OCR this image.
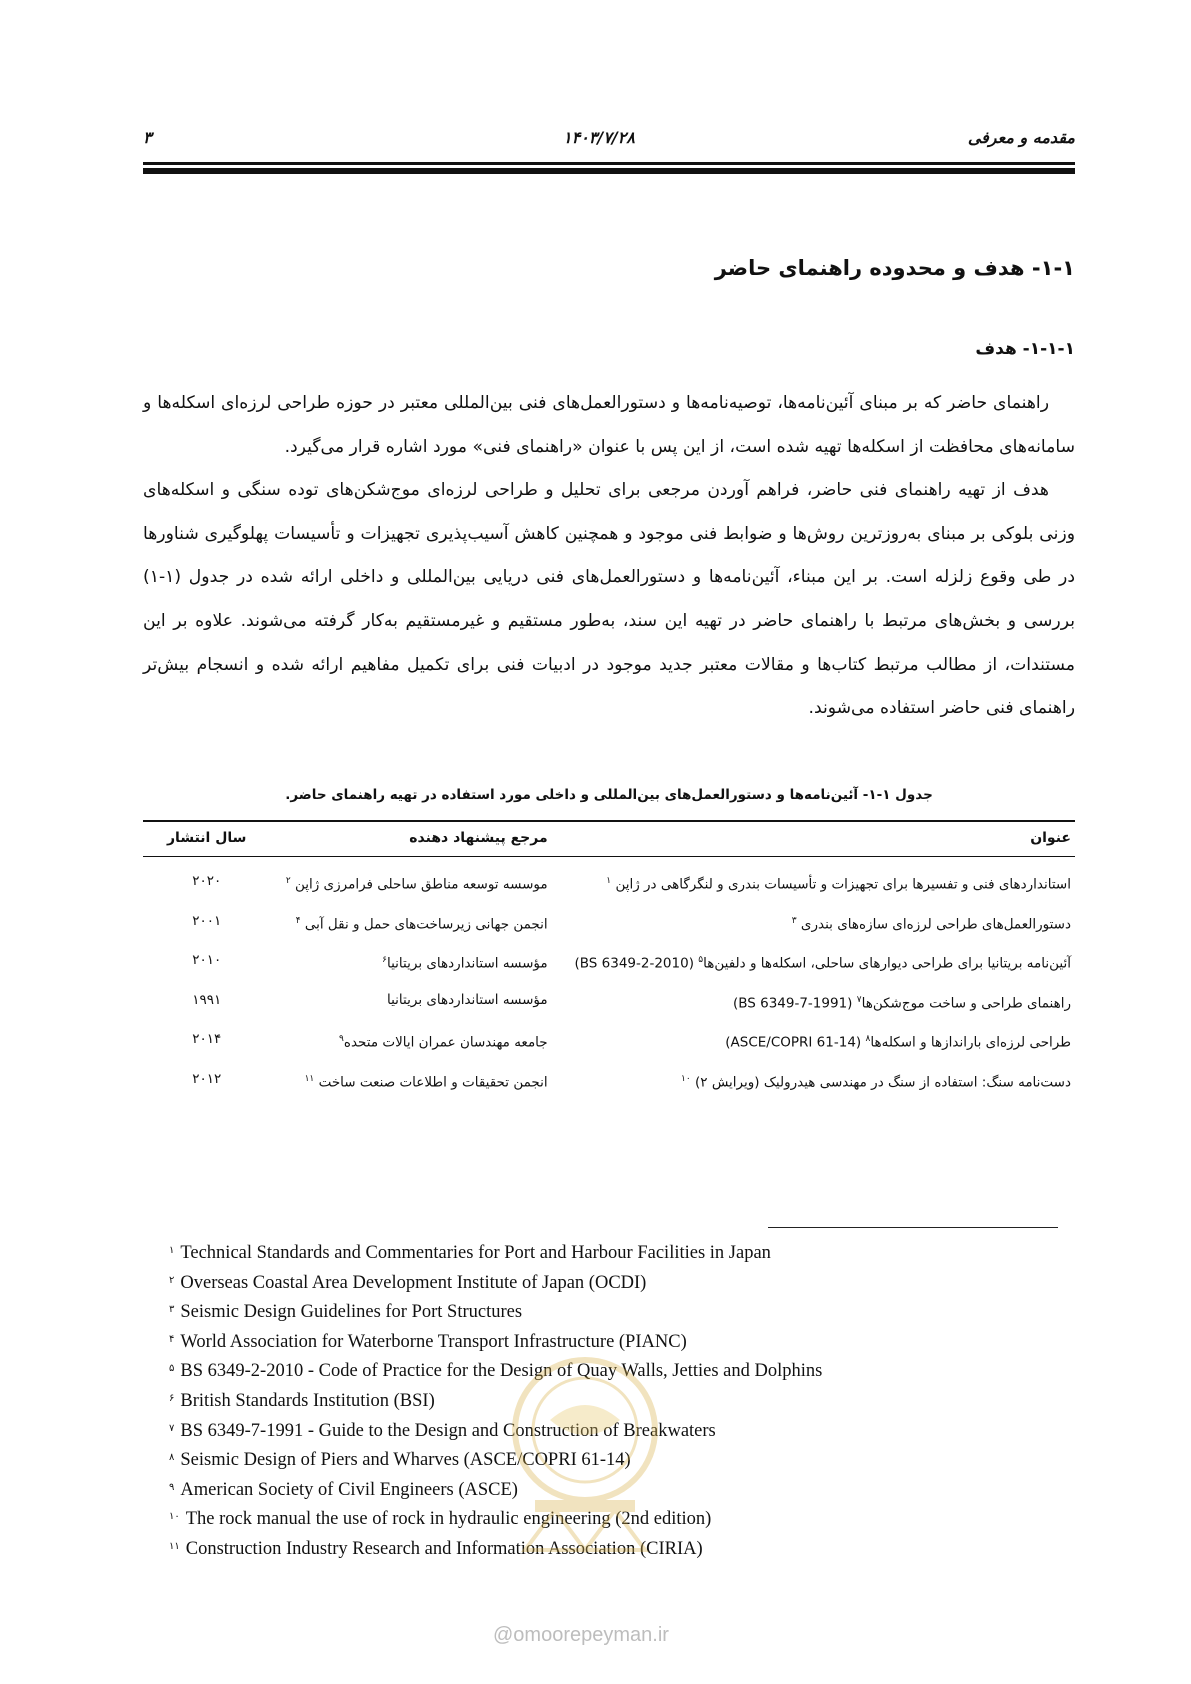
مقدمه و معرفی
۱۴۰۳/۷/۲۸
۳
۱-۱- هدف و محدوده راهنمای حاضر
۱-۱-۱- هدف

راهنمای حاضر که بر مبنای آئین‌نامه‌ها، توصیه‌نامه‌ها و دستورالعمل‌های فنی بین‌المللی معتبر در حوزه طراحی لرزه‌ای اسکله‌ها و سامانه‌های محافظت از اسکله‌ها تهیه شده است، از این پس با عنوان «راهنمای فنی» مورد اشاره قرار می‌گیرد.

هدف از تهیه راهنمای فنی حاضر، فراهم آوردن مرجعی برای تحلیل و طراحی لرزه‌ای موج‌شکن‌های توده سنگی و اسکله‌های وزنی بلوکی بر مبنای به‌روزترین روش‌ها و ضوابط فنی موجود و همچنین کاهش آسیب‌پذیری تجهیزات و تأسیسات پهلوگیری شناورها در طی وقوع زلزله است. بر این مبناء، آئین‌نامه‌ها و دستورالعمل‌های فنی دریایی بین‌المللی و داخلی ارائه شده در جدول (۱-۱) بررسی و بخش‌های مرتبط با راهنمای حاضر در تهیه این سند، به‌طور مستقیم و غیرمستقیم به‌کار گرفته می‌شوند. علاوه بر این مستندات، از مطالب مرتبط کتاب‌ها و مقالات معتبر جدید موجود در ادبیات فنی برای تکمیل مفاهیم ارائه شده و انسجام بیش‌تر راهنمای فنی حاضر استفاده می‌شوند.

جدول ۱-۱- آئین‌نامه‌ها و دستورالعمل‌های بین‌المللی و داخلی مورد استفاده در تهیه راهنمای حاضر.
عنوان	مرجع پیشنهاد دهنده	سال انتشار
استانداردهای فنی و تفسیرها برای تجهیزات و تأسیسات بندری و لنگرگاهی در ژاپن $^۱$	موسسه توسعه مناطق ساحلی فرامرزی ژاپن $^۲$	۲۰۲۰
دستورالعمل‌های طراحی لرزه‌ای سازه‌های بندری $^۳$	انجمن جهانی زیرساخت‌های حمل و نقل آبی $^۴$	۲۰۰۱
آئین‌نامه بریتانیا برای طراحی دیوارهای ساحلی، اسکله‌ها و دلفین‌ها$^۵$ (BS 6349-2-2010)	مؤسسه استانداردهای بریتانیا$^۶$	۲۰۱۰
راهنمای طراحی و ساخت موج‌شکن‌ها$^۷$ (BS 6349-7-1991)	مؤسسه استانداردهای بریتانیا	۱۹۹۱
طراحی لرزه‌ای باراندازها و اسکله‌ها$^۸$ (ASCE/COPRI 61-14)	جامعه مهندسان عمران ایالات متحده$^۹$	۲۰۱۴
دست‌نامه سنگ: استفاده از سنگ در مهندسی هیدرولیک (ویرایش ۲) $^{۱۰}$	انجمن تحقیقات و اطلاعات صنعت ساخت $^{۱۱}$	۲۰۱۲
$^۱$ Technical Standards and Commentaries for Port and Harbour Facilities in Japan
$^۲$ Overseas Coastal Area Development Institute of Japan (OCDI)
$^۳$ Seismic Design Guidelines for Port Structures
$^۴$ World Association for Waterborne Transport Infrastructure (PIANC)
$^۵$ BS 6349-2-2010 - Code of Practice for the Design of Quay Walls, Jetties and Dolphins
$^۶$ British Standards Institution (BSI)
$^۷$ BS 6349-7-1991 - Guide to the Design and Construction of Breakwaters
$^۸$ Seismic Design of Piers and Wharves (ASCE/COPRI 61-14)
$^۹$ American Society of Civil Engineers (ASCE)
$^{۱۰}$ The rock manual the use of rock in hydraulic engineering (2nd edition)
$^{۱۱}$ Construction Industry Research and Information Association (CIRIA)
@omoorepeyman.ir
